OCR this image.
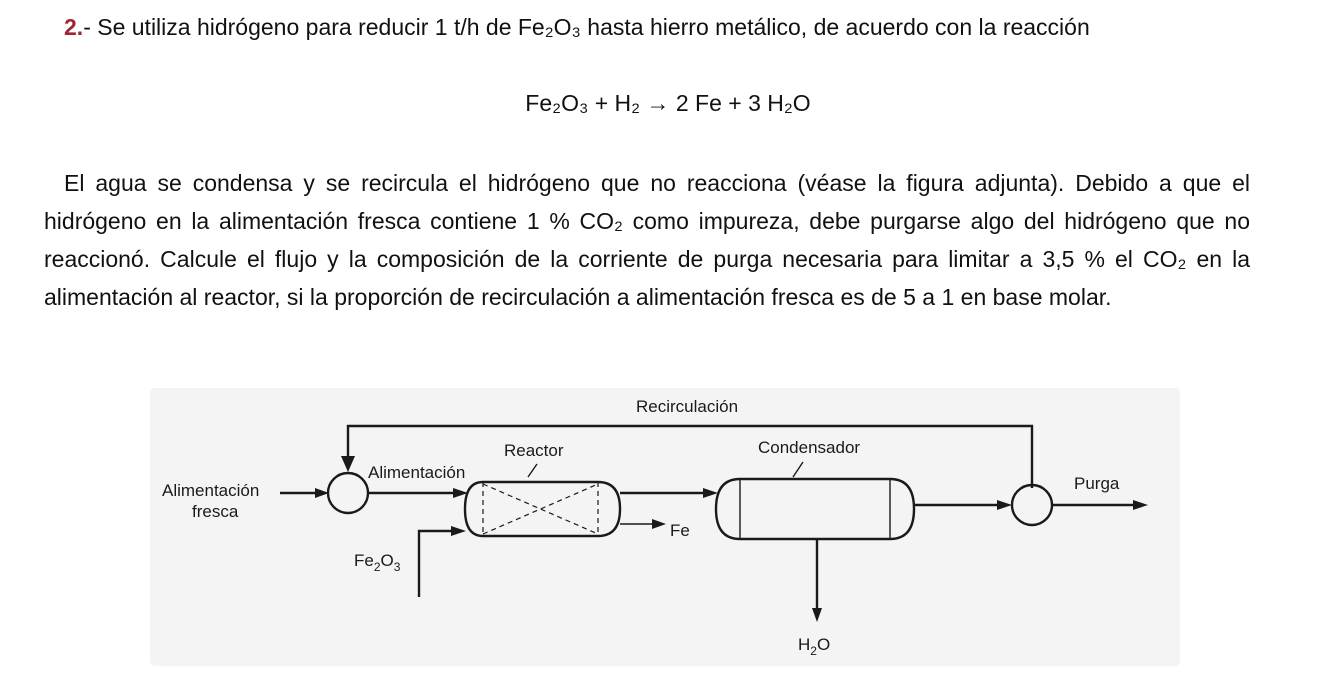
2.- Se utiliza hidrógeno para reducir 1 t/h de Fe₂O₃ hasta hierro metálico, de acuerdo con la reacción
Fe₂O₃ + H₂ → 2 Fe + 3 H₂O
El agua se condensa y se recircula el hidrógeno que no reacciona (véase la figura adjunta). Debido a que el hidrógeno en la alimentación fresca contiene 1 % CO₂ como impureza, debe purgarse algo del hidrógeno que no reaccionó. Calcule el flujo y la composición de la corriente de purga necesaria para limitar a 3,5 % el CO₂ en la alimentación al reactor, si la proporción de recirculación a alimentación fresca es de 5 a 1 en base molar.
Recirculación
Alimentación
fresca
Alimentación
Reactor
$Fe_2O_3$
Fe
Condensador
$H_2O$
Purga
